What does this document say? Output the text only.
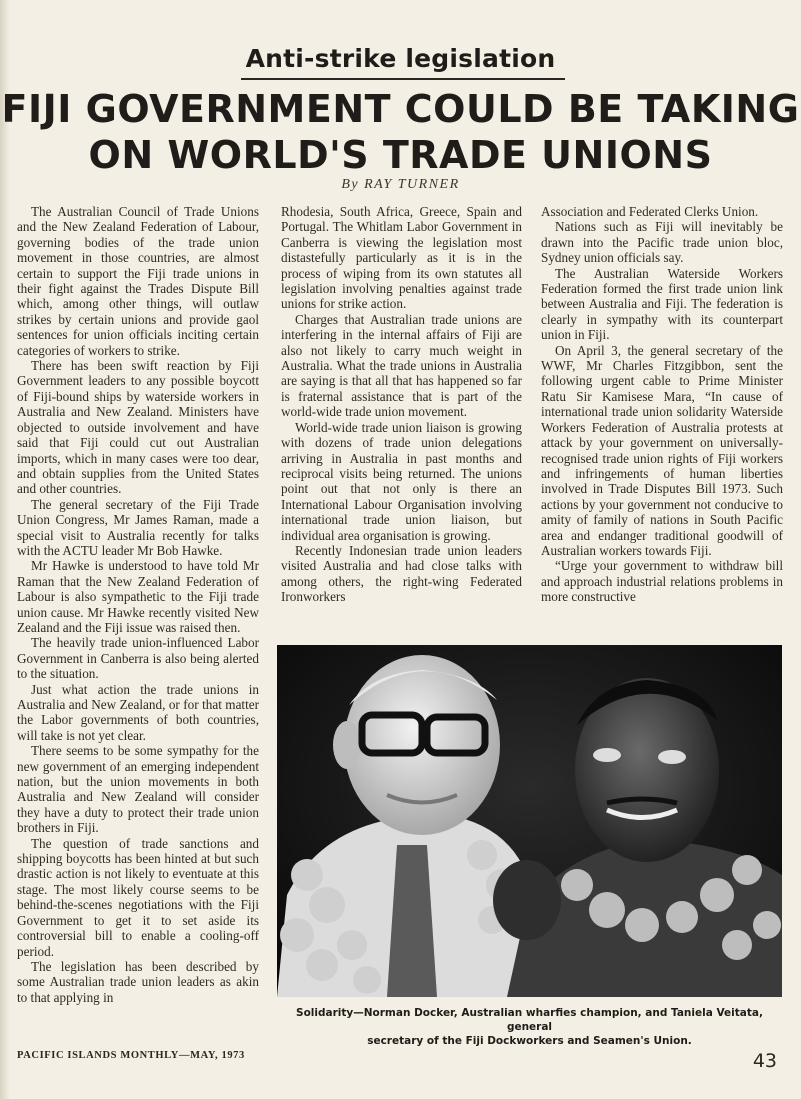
Anti-strike legislation
FIJI GOVERNMENT COULD BE TAKING
ON WORLD'S TRADE UNIONS
By RAY TURNER

The Australian Council of Trade Unions and the New Zealand Federation of Labour, governing bodies of the trade union movement in those countries, are almost certain to support the Fiji trade unions in their fight against the Trades Dispute Bill which, among other things, will outlaw strikes by certain unions and provide gaol sentences for union officials inciting certain categories of workers to strike.

There has been swift reaction by Fiji Government leaders to any possible boycott of Fiji-bound ships by waterside workers in Australia and New Zealand. Ministers have objected to outside involvement and have said that Fiji could cut out Australian imports, which in many cases were too dear, and obtain supplies from the United States and other countries.

The general secretary of the Fiji Trade Union Congress, Mr James Raman, made a special visit to Australia recently for talks with the ACTU leader Mr Bob Hawke.

Mr Hawke is understood to have told Mr Raman that the New Zealand Federation of Labour is also sympathetic to the Fiji trade union cause. Mr Hawke recently visited New Zealand and the Fiji issue was raised then.

The heavily trade union-influenced Labor Government in Canberra is also being alerted to the situation.

Just what action the trade unions in Australia and New Zealand, or for that matter the Labor governments of both countries, will take is not yet clear.

There seems to be some sympathy for the new government of an emerging independent nation, but the union movements in both Australia and New Zealand will consider they have a duty to protect their trade union brothers in Fiji.

The question of trade sanctions and shipping boycotts has been hinted at but such drastic action is not likely to eventuate at this stage. The most likely course seems to be behind-the-scenes negotiations with the Fiji Government to get it to set aside its controversial bill to enable a cooling-off period.

The legislation has been described by some Australian trade union leaders as akin to that applying in

Rhodesia, South Africa, Greece, Spain and Portugal. The Whitlam Labor Government in Canberra is viewing the legislation most distastefully particularly as it is in the process of wiping from its own statutes all legislation involving penalties against trade unions for strike action.

Charges that Australian trade unions are interfering in the internal affairs of Fiji are also not likely to carry much weight in Australia. What the trade unions in Australia are saying is that all that has happened so far is fraternal assistance that is part of the world-wide trade union movement.

World-wide trade union liaison is growing with dozens of trade union delegations arriving in Australia in past months and reciprocal visits being returned. The unions point out that not only is there an International Labour Organisation involving international trade union liaison, but individual area organisation is growing.

Recently Indonesian trade union leaders visited Australia and had close talks with among others, the right-wing Federated Ironworkers

Association and Federated Clerks Union.

Nations such as Fiji will inevitably be drawn into the Pacific trade union bloc, Sydney union officials say.

The Australian Waterside Workers Federation formed the first trade union link between Australia and Fiji. The federation is clearly in sympathy with its counterpart union in Fiji.

On April 3, the general secretary of the WWF, Mr Charles Fitzgibbon, sent the following urgent cable to Prime Minister Ratu Sir Kamisese Mara, “In cause of international trade union solidarity Waterside Workers Federation of Australia protests at attack by your government on universally-recognised trade union rights of Fiji workers and infringements of human liberties involved in Trade Disputes Bill 1973. Such actions by your government not conducive to amity of family of nations in South Pacific area and endanger traditional goodwill of Australian workers towards Fiji.

“Urge your government to withdraw bill and approach industrial relations problems in more constructive

Solidarity—Norman Docker, Australian wharfies champion, and Taniela Veitata, general
secretary of the Fiji Dockworkers and Seamen's Union.
PACIFIC ISLANDS MONTHLY—MAY, 1973	43
